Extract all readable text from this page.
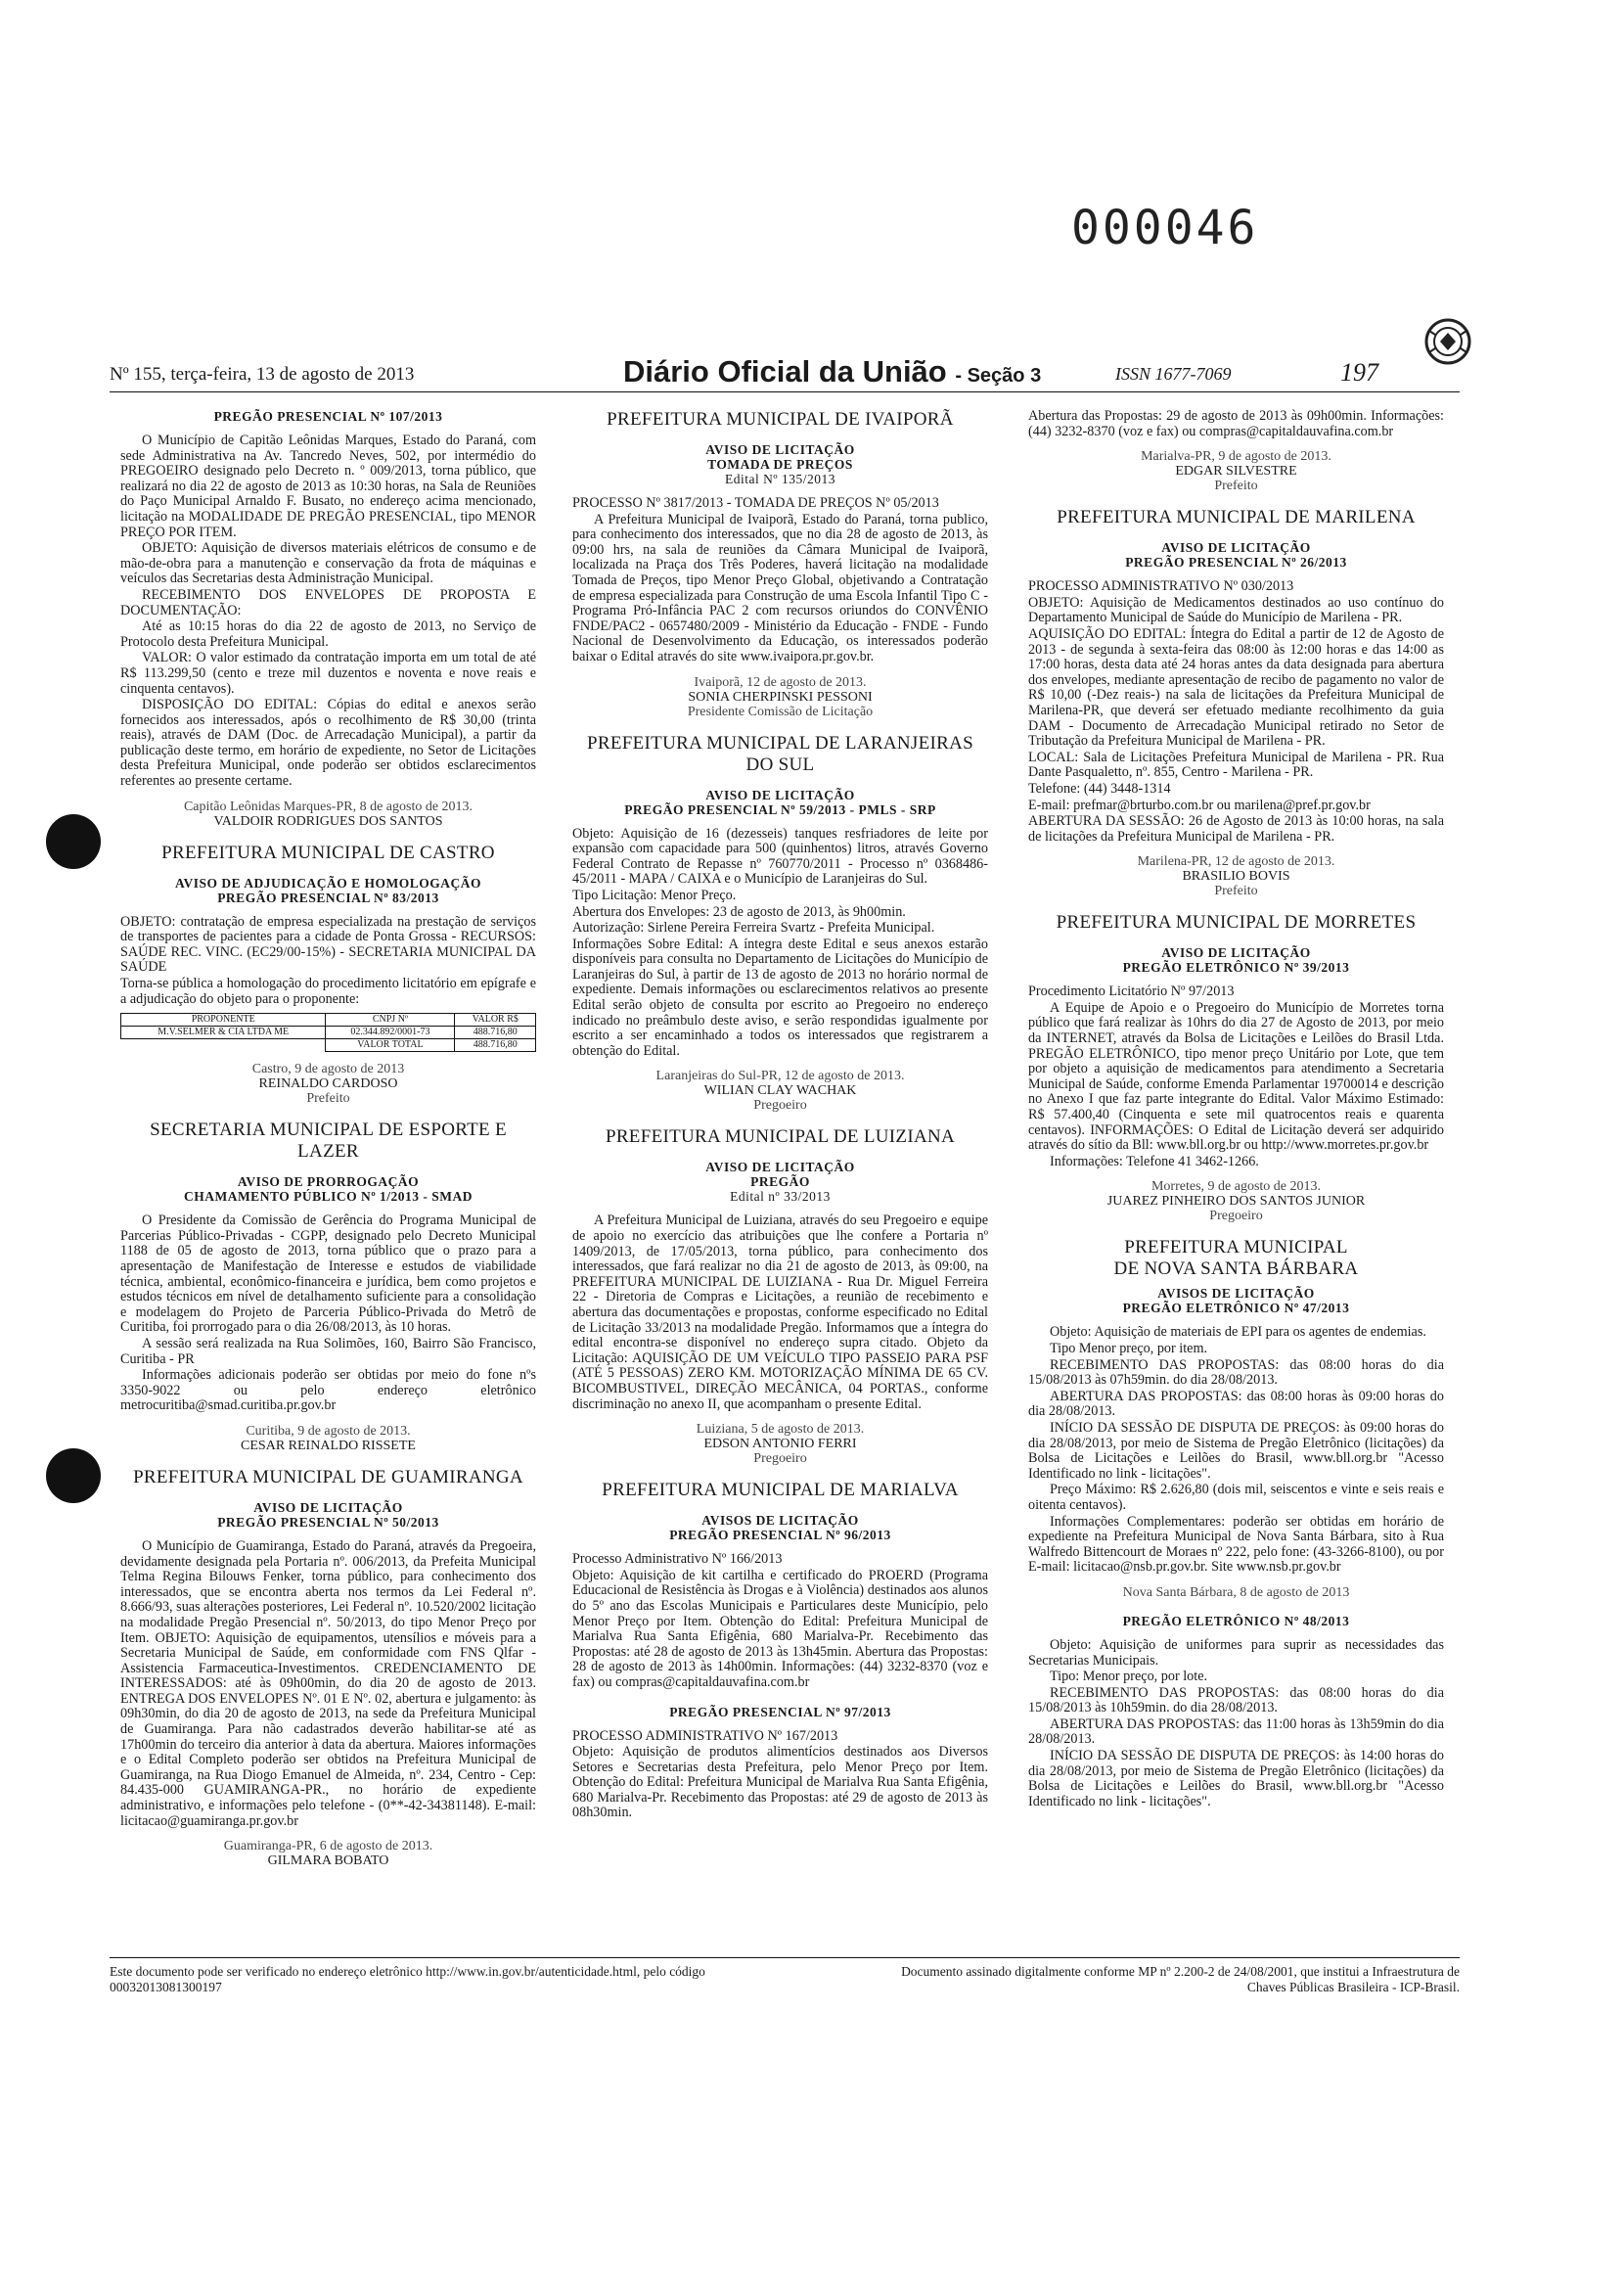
000046
Nº 155, terça-feira, 13 de agosto de 2013	Diário Oficial da União - Seção 3	ISSN 1677-7069	197
PREGÃO PRESENCIAL Nº 107/2013

O Município de Capitão Leônidas Marques, Estado do Paraná, com sede Administrativa na Av. Tancredo Neves, 502, por intermédio do PREGOEIRO designado pelo Decreto n. º 009/2013, torna público, que realizará no dia 22 de agosto de 2013 as 10:30 horas, na Sala de Reuniões do Paço Municipal Arnaldo F. Busato, no endereço acima mencionado, licitação na MODALIDADE DE PREGÃO PRESENCIAL, tipo MENOR PREÇO POR ITEM.

OBJETO: Aquisição de diversos materiais elétricos de consumo e de mão-de-obra para a manutenção e conservação da frota de máquinas e veículos das Secretarias desta Administração Municipal.

RECEBIMENTO DOS ENVELOPES DE PROPOSTA E DOCUMENTAÇÃO:

Até as 10:15 horas do dia 22 de agosto de 2013, no Serviço de Protocolo desta Prefeitura Municipal.

VALOR: O valor estimado da contratação importa em um total de até R$ 113.299,50 (cento e treze mil duzentos e noventa e nove reais e cinquenta centavos).

DISPOSIÇÃO DO EDITAL: Cópias do edital e anexos serão fornecidos aos interessados, após o recolhimento de R$ 30,00 (trinta reais), através de DAM (Doc. de Arrecadação Municipal), a partir da publicação deste termo, em horário de expediente, no Setor de Licitações desta Prefeitura Municipal, onde poderão ser obtidos esclarecimentos referentes ao presente certame.

Capitão Leônidas Marques-PR, 8 de agosto de 2013.
VALDOIR RODRIGUES DOS SANTOS
PREFEITURA MUNICIPAL DE CASTRO
AVISO DE ADJUDICAÇÃO E HOMOLOGAÇÃO
PREGÃO PRESENCIAL Nº 83/2013

OBJETO: contratação de empresa especializada na prestação de serviços de transportes de pacientes para a cidade de Ponta Grossa - RECURSOS: SAÚDE REC. VINC. (EC29/00-15%) - SECRETARIA MUNICIPAL DA SAÚDE

Torna-se pública a homologação do procedimento licitatório em epígrafe e a adjudicação do objeto para o proponente:

PROPONENTE	CNPJ Nº	VALOR R$
M.V.SELMER & CIA LTDA ME	02.344.892/0001-73	488.716,80
	VALOR TOTAL	488.716,80
Castro, 9 de agosto de 2013
REINALDO CARDOSO
Prefeito
SECRETARIA MUNICIPAL DE ESPORTE E LAZER
AVISO DE PRORROGAÇÃO
CHAMAMENTO PÚBLICO Nº 1/2013 - SMAD

O Presidente da Comissão de Gerência do Programa Municipal de Parcerias Público-Privadas - CGPP, designado pelo Decreto Municipal 1188 de 05 de agosto de 2013, torna público que o prazo para a apresentação de Manifestação de Interesse e estudos de viabilidade técnica, ambiental, econômico-financeira e jurídica, bem como projetos e estudos técnicos em nível de detalhamento suficiente para a consolidação e modelagem do Projeto de Parceria Público-Privada do Metrô de Curitiba, foi prorrogado para o dia 26/08/2013, às 10 horas.

A sessão será realizada na Rua Solimões, 160, Bairro São Francisco, Curitiba - PR

Informações adicionais poderão ser obtidas por meio do fone nºs 3350-9022 ou pelo endereço eletrônico metrocuritiba@smad.curitiba.pr.gov.br

Curitiba, 9 de agosto de 2013.
CESAR REINALDO RISSETE
PREFEITURA MUNICIPAL DE GUAMIRANGA
AVISO DE LICITAÇÃO
PREGÃO PRESENCIAL Nº 50/2013

O Município de Guamiranga, Estado do Paraná, através da Pregoeira, devidamente designada pela Portaria nº. 006/2013, da Prefeita Municipal Telma Regina Bilouws Fenker, torna público, para conhecimento dos interessados, que se encontra aberta nos termos da Lei Federal nº. 8.666/93, suas alterações posteriores, Lei Federal nº. 10.520/2002 licitação na modalidade Pregão Presencial nº. 50/2013, do tipo Menor Preço por Item. OBJETO: Aquisição de equipamentos, utensílios e móveis para a Secretaria Municipal de Saúde, em conformidade com FNS Qlfar - Assistencia Farmaceutica-Investimentos. CREDENCIAMENTO DE INTERESSADOS: até às 09h00min, do dia 20 de agosto de 2013. ENTREGA DOS ENVELOPES Nº. 01 E Nº. 02, abertura e julgamento: às 09h30min, do dia 20 de agosto de 2013, na sede da Prefeitura Municipal de Guamiranga. Para não cadastrados deverão habilitar-se até as 17h00min do terceiro dia anterior à data da abertura. Maiores informações e o Edital Completo poderão ser obtidos na Prefeitura Municipal de Guamiranga, na Rua Diogo Emanuel de Almeida, nº. 234, Centro - Cep: 84.435-000 GUAMIRANGA-PR., no horário de expediente administrativo, e informações pelo telefone - (0**-42-34381148). E-mail: licitacao@guamiranga.pr.gov.br

Guamiranga-PR, 6 de agosto de 2013.
GILMARA BOBATO
PREFEITURA MUNICIPAL DE IVAIPORÃ
AVISO DE LICITAÇÃO
TOMADA DE PREÇOS
Edital Nº 135/2013

PROCESSO Nº 3817/2013 - TOMADA DE PREÇOS Nº 05/2013

A Prefeitura Municipal de Ivaiporã, Estado do Paraná, torna publico, para conhecimento dos interessados, que no dia 28 de agosto de 2013, às 09:00 hrs, na sala de reuniões da Câmara Municipal de Ivaiporã, localizada na Praça dos Três Poderes, haverá licitação na modalidade Tomada de Preços, tipo Menor Preço Global, objetivando a Contratação de empresa especializada para Construção de uma Escola Infantil Tipo C - Programa Pró-Infância PAC 2 com recursos oriundos do CONVÊNIO FNDE/PAC2 - 0657480/2009 - Ministério da Educação - FNDE - Fundo Nacional de Desenvolvimento da Educação, os interessados poderão baixar o Edital através do site www.ivaipora.pr.gov.br.

Ivaiporã, 12 de agosto de 2013.
SONIA CHERPINSKI PESSONI
Presidente Comissão de Licitação
PREFEITURA MUNICIPAL DE LARANJEIRAS DO SUL
AVISO DE LICITAÇÃO
PREGÃO PRESENCIAL Nº 59/2013 - PMLS - SRP

Objeto: Aquisição de 16 (dezesseis) tanques resfriadores de leite por expansão com capacidade para 500 (quinhentos) litros, através Governo Federal Contrato de Repasse nº 760770/2011 - Processo nº 0368486-45/2011 - MAPA / CAIXA e o Município de Laranjeiras do Sul.

Tipo Licitação: Menor Preço.

Abertura dos Envelopes: 23 de agosto de 2013, às 9h00min.

Autorização: Sirlene Pereira Ferreira Svartz - Prefeita Municipal.

Informações Sobre Edital: A íntegra deste Edital e seus anexos estarão disponíveis para consulta no Departamento de Licitações do Município de Laranjeiras do Sul, à partir de 13 de agosto de 2013 no horário normal de expediente. Demais informações ou esclarecimentos relativos ao presente Edital serão objeto de consulta por escrito ao Pregoeiro no endereço indicado no preâmbulo deste aviso, e serão respondidas igualmente por escrito a ser encaminhado a todos os interessados que registrarem a obtenção do Edital.

Laranjeiras do Sul-PR, 12 de agosto de 2013.
WILIAN CLAY WACHAK
Pregoeiro
PREFEITURA MUNICIPAL DE LUIZIANA
AVISO DE LICITAÇÃO
PREGÃO
Edital nº 33/2013

A Prefeitura Municipal de Luiziana, através do seu Pregoeiro e equipe de apoio no exercício das atribuições que lhe confere a Portaria nº 1409/2013, de 17/05/2013, torna público, para conhecimento dos interessados, que fará realizar no dia 21 de agosto de 2013, às 09:00, na PREFEITURA MUNICIPAL DE LUIZIANA - Rua Dr. Miguel Ferreira 22 - Diretoria de Compras e Licitações, a reunião de recebimento e abertura das documentações e propostas, conforme especificado no Edital de Licitação 33/2013 na modalidade Pregão. Informamos que a íntegra do edital encontra-se disponível no endereço supra citado. Objeto da Licitação: AQUISIÇÃO DE UM VEÍCULO TIPO PASSEIO PARA PSF (ATÉ 5 PESSOAS) ZERO KM. MOTORIZAÇÃO MÍNIMA DE 65 CV. BICOMBUSTIVEL, DIREÇÃO MECÂNICA, 04 PORTAS., conforme discriminação no anexo II, que acompanham o presente Edital.

Luiziana, 5 de agosto de 2013.
EDSON ANTONIO FERRI
Pregoeiro
PREFEITURA MUNICIPAL DE MARIALVA
AVISOS DE LICITAÇÃO
PREGÃO PRESENCIAL Nº 96/2013

Processo Administrativo Nº 166/2013

Objeto: Aquisição de kit cartilha e certificado do PROERD (Programa Educacional de Resistência às Drogas e à Violência) destinados aos alunos do 5º ano das Escolas Municipais e Particulares deste Município, pelo Menor Preço por Item. Obtenção do Edital: Prefeitura Municipal de Marialva Rua Santa Efigênia, 680 Marialva-Pr. Recebimento das Propostas: até 28 de agosto de 2013 às 13h45min. Abertura das Propostas: 28 de agosto de 2013 às 14h00min. Informações: (44) 3232-8370 (voz e fax) ou compras@capitaldauvafina.com.br

PREGÃO PRESENCIAL Nº 97/2013

PROCESSO ADMINISTRATIVO Nº 167/2013

Objeto: Aquisição de produtos alimentícios destinados aos Diversos Setores e Secretarias desta Prefeitura, pelo Menor Preço por Item. Obtenção do Edital: Prefeitura Municipal de Marialva Rua Santa Efigênia, 680 Marialva-Pr. Recebimento das Propostas: até 29 de agosto de 2013 às 08h30min.

Abertura das Propostas: 29 de agosto de 2013 às 09h00min. Informações: (44) 3232-8370 (voz e fax) ou compras@capitaldauvafina.com.br

Marialva-PR, 9 de agosto de 2013.
EDGAR SILVESTRE
Prefeito
PREFEITURA MUNICIPAL DE MARILENA
AVISO DE LICITAÇÃO
PREGÃO PRESENCIAL Nº 26/2013

PROCESSO ADMINISTRATIVO Nº 030/2013

OBJETO: Aquisição de Medicamentos destinados ao uso contínuo do Departamento Municipal de Saúde do Município de Marilena - PR.

AQUISIÇÃO DO EDITAL: Íntegra do Edital a partir de 12 de Agosto de 2013 - de segunda à sexta-feira das 08:00 às 12:00 horas e das 14:00 as 17:00 horas, desta data até 24 horas antes da data designada para abertura dos envelopes, mediante apresentação de recibo de pagamento no valor de R$ 10,00 (-Dez reais-) na sala de licitações da Prefeitura Municipal de Marilena-PR, que deverá ser efetuado mediante recolhimento da guia DAM - Documento de Arrecadação Municipal retirado no Setor de Tributação da Prefeitura Municipal de Marilena - PR.

LOCAL: Sala de Licitações Prefeitura Municipal de Marilena - PR. Rua Dante Pasqualetto, nº. 855, Centro - Marilena - PR.

Telefone: (44) 3448-1314

E-mail: prefmar@brturbo.com.br ou marilena@pref.pr.gov.br

ABERTURA DA SESSÃO: 26 de Agosto de 2013 às 10:00 horas, na sala de licitações da Prefeitura Municipal de Marilena - PR.

Marilena-PR, 12 de agosto de 2013.
BRASILIO BOVIS
Prefeito
PREFEITURA MUNICIPAL DE MORRETES
AVISO DE LICITAÇÃO
PREGÃO ELETRÔNICO Nº 39/2013

Procedimento Licitatório Nº 97/2013

A Equipe de Apoio e o Pregoeiro do Município de Morretes torna público que fará realizar às 10hrs do dia 27 de Agosto de 2013, por meio da INTERNET, através da Bolsa de Licitações e Leilões do Brasil Ltda. PREGÃO ELETRÔNICO, tipo menor preço Unitário por Lote, que tem por objeto a aquisição de medicamentos para atendimento a Secretaria Municipal de Saúde, conforme Emenda Parlamentar 19700014 e descrição no Anexo I que faz parte integrante do Edital. Valor Máximo Estimado: R$ 57.400,40 (Cinquenta e sete mil quatrocentos reais e quarenta centavos). INFORMAÇÕES: O Edital de Licitação deverá ser adquirido através do sítio da Bll: www.bll.org.br ou http://www.morretes.pr.gov.br

Informações: Telefone 41 3462-1266.

Morretes, 9 de agosto de 2013.
JUAREZ PINHEIRO DOS SANTOS JUNIOR
Pregoeiro
PREFEITURA MUNICIPAL
DE NOVA SANTA BÁRBARA
AVISOS DE LICITAÇÃO
PREGÃO ELETRÔNICO Nº 47/2013

Objeto: Aquisição de materiais de EPI para os agentes de endemias.

Tipo Menor preço, por item.

RECEBIMENTO DAS PROPOSTAS: das 08:00 horas do dia 15/08/2013 às 07h59min. do dia 28/08/2013.

ABERTURA DAS PROPOSTAS: das 08:00 horas às 09:00 horas do dia 28/08/2013.

INÍCIO DA SESSÃO DE DISPUTA DE PREÇOS: às 09:00 horas do dia 28/08/2013, por meio de Sistema de Pregão Eletrônico (licitações) da Bolsa de Licitações e Leilões do Brasil, www.bll.org.br "Acesso Identificado no link - licitações".

Preço Máximo: R$ 2.626,80 (dois mil, seiscentos e vinte e seis reais e oitenta centavos).

Informações Complementares: poderão ser obtidas em horário de expediente na Prefeitura Municipal de Nova Santa Bárbara, sito à Rua Walfredo Bittencourt de Moraes nº 222, pelo fone: (43-3266-8100), ou por E-mail: licitacao@nsb.pr.gov.br. Site www.nsb.pr.gov.br

Nova Santa Bárbara, 8 de agosto de 2013
PREGÃO ELETRÔNICO Nº 48/2013

Objeto: Aquisição de uniformes para suprir as necessidades das Secretarias Municipais.

Tipo: Menor preço, por lote.

RECEBIMENTO DAS PROPOSTAS: das 08:00 horas do dia 15/08/2013 às 10h59min. do dia 28/08/2013.

ABERTURA DAS PROPOSTAS: das 11:00 horas às 13h59min do dia 28/08/2013.

INÍCIO DA SESSÃO DE DISPUTA DE PREÇOS: às 14:00 horas do dia 28/08/2013, por meio de Sistema de Pregão Eletrônico (licitações) da Bolsa de Licitações e Leilões do Brasil, www.bll.org.br "Acesso Identificado no link - licitações".

Este documento pode ser verificado no endereço eletrônico http://www.in.gov.br/autenticidade.html, pelo código 00032013081300197
Documento assinado digitalmente conforme MP nº 2.200-2 de 24/08/2001, que institui a Infraestrutura de Chaves Públicas Brasileira - ICP-Brasil.
